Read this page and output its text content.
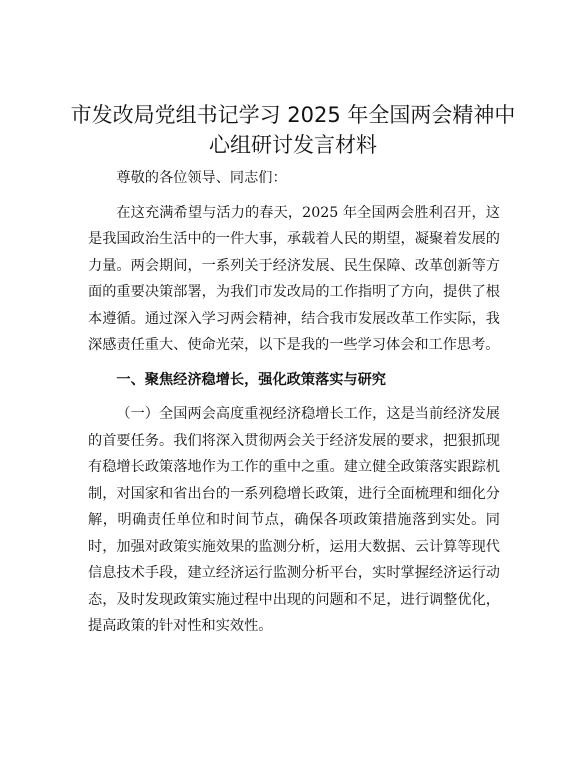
市发改局党组书记学习 2025 年全国两会精神中
心组研讨发言材料

尊敬的各位领导、同志们：

在这充满希望与活力的春天，2025 年全国两会胜利召开，这是我国政治生活中的一件大事，承载着人民的期望，凝聚着发展的力量。两会期间，一系列关于经济发展、民生保障、改革创新等方面的重要决策部署，为我们市发改局的工作指明了方向，提供了根本遵循。通过深入学习两会精神，结合我市发展改革工作实际，我深感责任重大、使命光荣，以下是我的一些学习体会和工作思考。

一、聚焦经济稳增长，强化政策落实与研究

（一）全国两会高度重视经济稳增长工作，这是当前经济发展的首要任务。我们将深入贯彻两会关于经济发展的要求，把狠抓现有稳增长政策落地作为工作的重中之重。建立健全政策落实跟踪机制，对国家和省出台的一系列稳增长政策，进行全面梳理和细化分解，明确责任单位和时间节点，确保各项政策措施落到实处。同时，加强对政策实施效果的监测分析，运用大数据、云计算等现代信息技术手段，建立经济运行监测分析平台，实时掌握经济运行动态，及时发现政策实施过程中出现的问题和不足，进行调整优化，提高政策的针对性和实效性。
